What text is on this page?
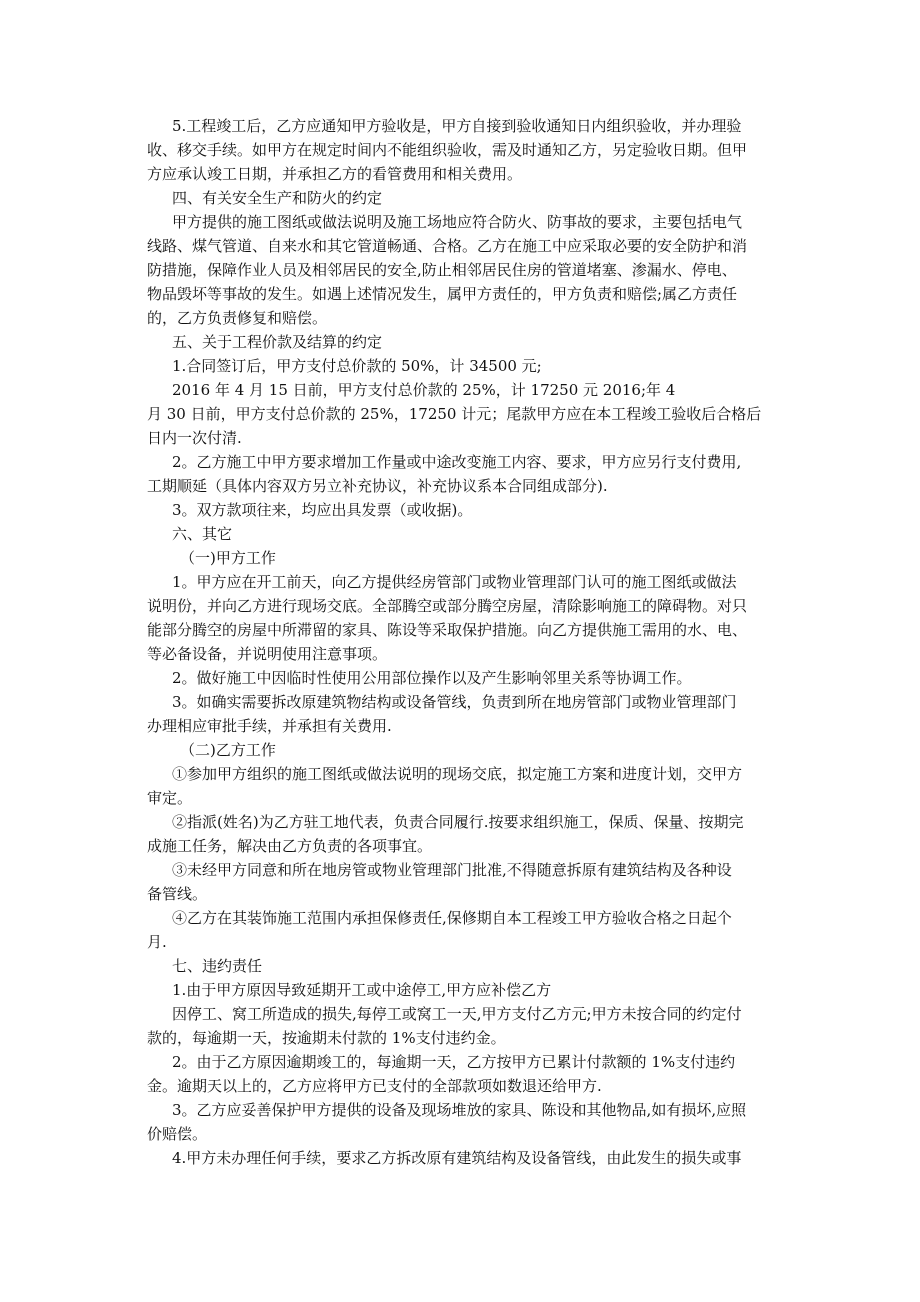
5.工程竣工后，乙方应通知甲方验收是，甲方自接到验收通知日内组织验收，并办理验
收、移交手续。如甲方在规定时间内不能组织验收，需及时通知乙方，另定验收日期。但甲
方应承认竣工日期，并承担乙方的看管费用和相关费用。
四、有关安全生产和防火的约定
甲方提供的施工图纸或做法说明及施工场地应符合防火、防事故的要求，主要包括电气
线路、煤气管道、自来水和其它管道畅通、合格。乙方在施工中应采取必要的安全防护和消
防措施，保障作业人员及相邻居民的安全,防止相邻居民住房的管道堵塞、渗漏水、停电、
物品毁坏等事故的发生。如遇上述情况发生，属甲方责任的，甲方负责和赔偿;属乙方责任
的，乙方负责修复和赔偿。
五、关于工程价款及结算的约定
1.合同签订后，甲方支付总价款的 50%，计 34500 元;
2016 年 4 月 15 日前，甲方支付总价款的 25%，计 17250 元 2016;年 4
月 30 日前，甲方支付总价款的 25%，17250 计元；尾款甲方应在本工程竣工验收后合格后
日内一次付清.
2。乙方施工中甲方要求增加工作量或中途改变施工内容、要求，甲方应另行支付费用,
工期顺延（具体内容双方另立补充协议，补充协议系本合同组成部分).
3。双方款项往来，均应出具发票（或收据)。
六、其它
（一)甲方工作
1。甲方应在开工前天，向乙方提供经房管部门或物业管理部门认可的施工图纸或做法
说明份，并向乙方进行现场交底。全部腾空或部分腾空房屋，清除影响施工的障碍物。对只
能部分腾空的房屋中所滞留的家具、陈设等采取保护措施。向乙方提供施工需用的水、电、
等必备设备，并说明使用注意事项。
2。做好施工中因临时性使用公用部位操作以及产生影响邻里关系等协调工作。
3。如确实需要拆改原建筑物结构或设备管线，负责到所在地房管部门或物业管理部门
办理相应审批手续，并承担有关费用.
（二)乙方工作
①参加甲方组织的施工图纸或做法说明的现场交底，拟定施工方案和进度计划，交甲方
审定。
②指派(姓名)为乙方驻工地代表，负责合同履行.按要求组织施工，保质、保量、按期完
成施工任务，解决由乙方负责的各项事宜。
③未经甲方同意和所在地房管或物业管理部门批准,不得随意拆原有建筑结构及各种设
备管线。
④乙方在其装饰施工范围内承担保修责任,保修期自本工程竣工甲方验收合格之日起个
月.
七、违约责任
1.由于甲方原因导致延期开工或中途停工,甲方应补偿乙方
因停工、窝工所造成的损失,每停工或窝工一天,甲方支付乙方元;甲方未按合同的约定付
款的，每逾期一天，按逾期未付款的 1%支付违约金。
2。由于乙方原因逾期竣工的，每逾期一天，乙方按甲方已累计付款额的 1%支付违约
金。逾期天以上的，乙方应将甲方已支付的全部款项如数退还给甲方.
3。乙方应妥善保护甲方提供的设备及现场堆放的家具、陈设和其他物品,如有损坏,应照
价赔偿。
4.甲方未办理任何手续，要求乙方拆改原有建筑结构及设备管线，由此发生的损失或事
